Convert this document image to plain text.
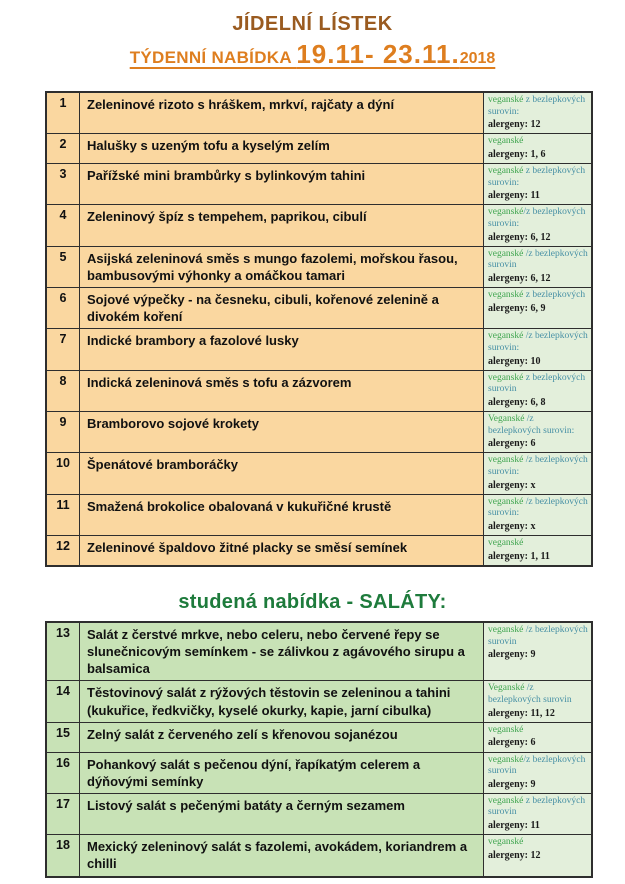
JÍDELNÍ LÍSTEK
TÝDENNÍ NABÍDKA 19.11- 23.11.2018
1	Zeleninové rizoto s hráškem, mrkví, rajčaty a dýní	veganské z bezlepkových surovin:
alergeny: 12

2	Halušky s uzeným tofu a kyselým zelím	veganské
alergeny: 1, 6

3	Pařížské mini brambůrky s bylinkovým tahini	veganské z bezlepkových surovin:
alergeny: 11

4	Zeleninový špíz s tempehem, paprikou, cibulí	veganské/z bezlepkových surovin:
alergeny: 6, 12

5	Asijská zeleninová směs s mungo fazolemi, mořskou řasou, bambusovými výhonky a omáčkou tamari	veganské /z bezlepkových surovin
alergeny: 6, 12

6	Sojové výpečky - na česneku, cibuli, kořenové zelenině a divokém koření	veganské z bezlepkových
alergeny: 6, 9

7	Indické brambory a fazolové lusky	veganské /z bezlepkových surovin:
alergeny: 10

8	Indická zeleninová směs s tofu a zázvorem	veganské z bezlepkových surovin
alergeny: 6, 8

9	Bramborovo sojové krokety	Veganské /z bezlepkových surovin:
alergeny: 6

10	Špenátové bramboráčky	veganské /z bezlepkových surovin:
alergeny: x

11	Smažená brokolice obalovaná v kukuřičné krustě	veganské /z bezlepkových surovin:
alergeny: x

12	Zeleninové špaldovo žitné placky se směsí semínek	veganské
alergeny: 1, 11
studená nabídka - SALÁTY:
13	Salát z čerstvé mrkve, nebo celeru, nebo červené řepy se slunečnicovým semínkem - se zálivkou z agávového sirupu a balsamica	veganské /z bezlepkových surovin
alergeny: 9

14	Těstovinový salát z rýžových těstovin se zeleninou a tahini (kukuřice, ředkvičky, kyselé okurky, kapie, jarní cibulka)	Veganské /z bezlepkových surovin
alergeny: 11, 12

15	Zelný salát z červeného zelí s křenovou sojanézou	veganské
alergeny: 6

16	Pohankový salát s pečenou dýní, řapíkatým celerem a dýňovými semínky	veganské/z bezlepkových surovin
alergeny: 9

17	Listový salát s pečenými batáty a černým sezamem	veganské z bezlepkových surovin
alergeny: 11

18	Mexický zeleninový salát s fazolemi, avokádem, koriandrem a chilli	veganské
alergeny: 12
